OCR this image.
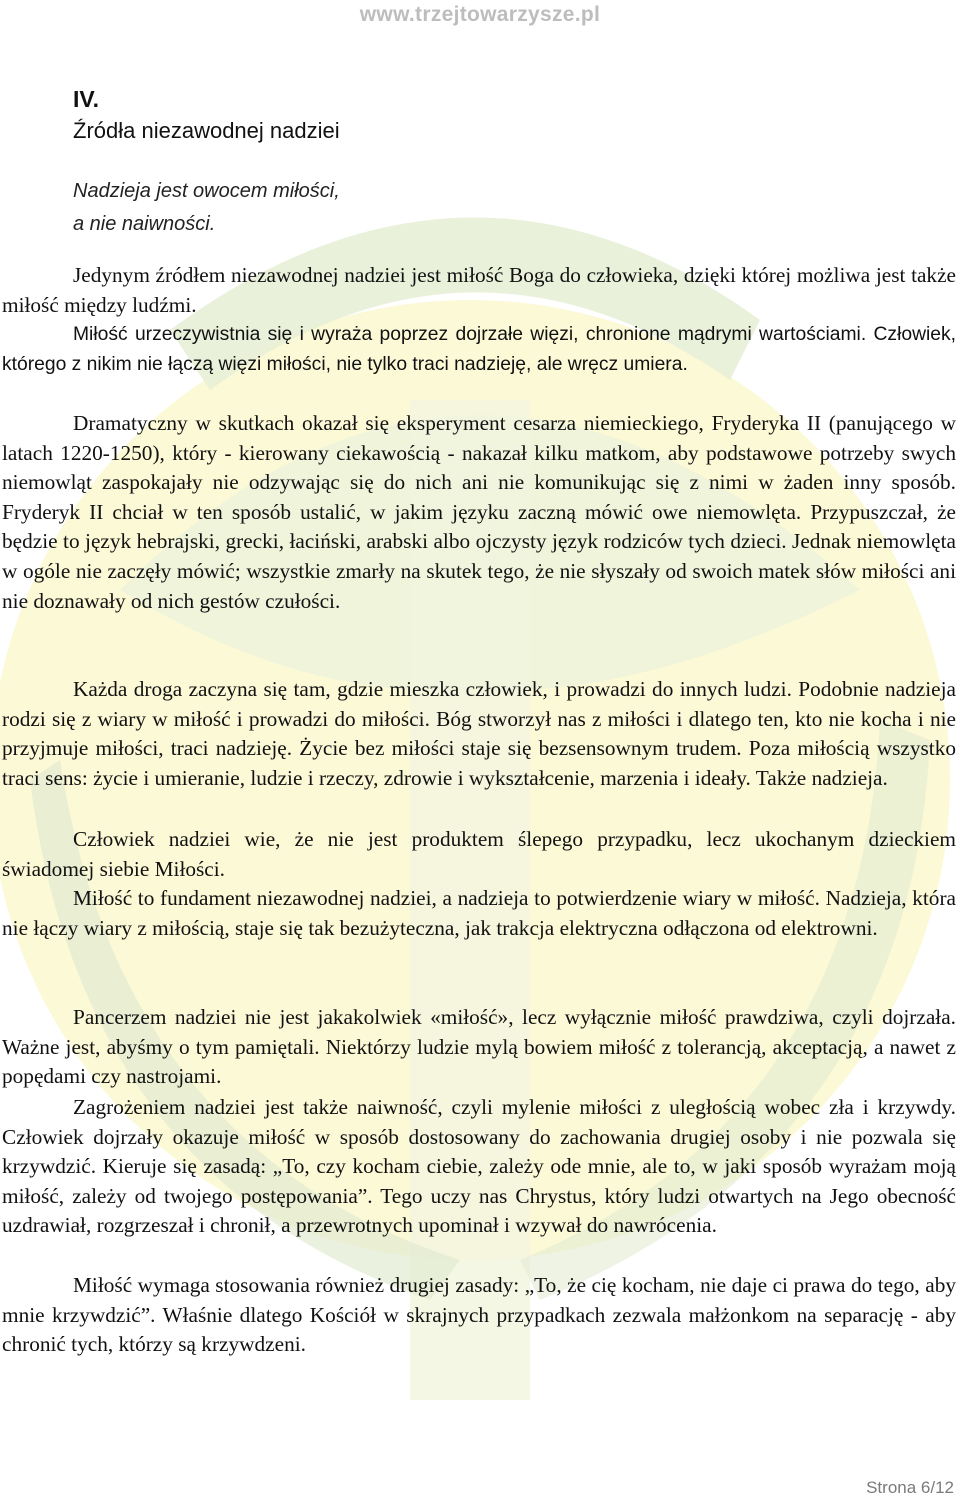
www.trzejtowarzysze.pl
IV.
Źródła niezawodnej nadziei
Nadzieja jest owocem miłości,
a nie naiwności.

Jedynym źródłem niezawodnej nadziei jest miłość Boga do człowieka, dzięki której możliwa jest także miłość między ludźmi.

Miłość urzeczywistnia się i wyraża poprzez dojrzałe więzi, chronione mądrymi wartościami. Człowiek, którego z nikim nie łączą więzi miłości, nie tylko traci nadzieję, ale wręcz umiera.

Dramatyczny w skutkach okazał się eksperyment cesarza niemieckiego, Fryderyka II (panującego w latach 1220-1250), który - kierowany ciekawością - nakazał kilku matkom, aby podstawowe potrzeby swych niemowląt zaspokajały nie odzywając się do nich ani nie komunikując się z nimi w żaden inny sposób. Fryderyk II chciał w ten sposób ustalić, w jakim języku zaczną mówić owe niemowlęta. Przypuszczał, że będzie to język hebrajski, grecki, łaciński, arabski albo ojczysty język rodziców tych dzieci. Jednak niemowlęta w ogóle nie zaczęły mówić; wszystkie zmarły na skutek tego, że nie słyszały od swoich matek słów miłości ani nie doznawały od nich gestów czułości.

Każda droga zaczyna się tam, gdzie mieszka człowiek, i prowadzi do innych ludzi. Podobnie nadzieja rodzi się z wiary w miłość i prowadzi do miłości. Bóg stworzył nas z miłości i dlatego ten, kto nie kocha i nie przyjmuje miłości, traci nadzieję. Życie bez miłości staje się bezsensownym trudem. Poza miłością wszystko traci sens: życie i umieranie, ludzie i rzeczy, zdrowie i wykształcenie, marzenia i ideały. Także nadzieja.

Człowiek nadziei wie, że nie jest produktem ślepego przypadku, lecz ukochanym dzieckiem świadomej siebie Miłości.

Miłość to fundament niezawodnej nadziei, a nadzieja to potwierdzenie wiary w miłość. Nadzieja, która nie łączy wiary z miłością, staje się tak bezużyteczna, jak trakcja elektryczna odłączona od elektrowni.

Pancerzem nadziei nie jest jakakolwiek «miłość», lecz wyłącznie miłość prawdziwa, czyli dojrzała. Ważne jest, abyśmy o tym pamiętali. Niektórzy ludzie mylą bowiem miłość z tolerancją, akceptacją, a nawet z popędami czy nastrojami.

Zagrożeniem nadziei jest także naiwność, czyli mylenie miłości z uległością wobec zła i krzywdy. Człowiek dojrzały okazuje miłość w sposób dostosowany do zachowania drugiej osoby i nie pozwala się krzywdzić. Kieruje się zasadą: „To, czy kocham ciebie, zależy ode mnie, ale to, w jaki sposób wyrażam moją miłość, zależy od twojego postępowania”. Tego uczy nas Chrystus, który ludzi otwartych na Jego obecność uzdrawiał, rozgrzeszał i chronił, a przewrotnych upominał i wzywał do nawrócenia.

Miłość wymaga stosowania również drugiej zasady: „To, że cię kocham, nie daje ci prawa do tego, aby mnie krzywdzić”. Właśnie dlatego Kościół w skrajnych przypadkach zezwala małżonkom na separację - aby chronić tych, którzy są krzywdzeni.

Strona 6/12
